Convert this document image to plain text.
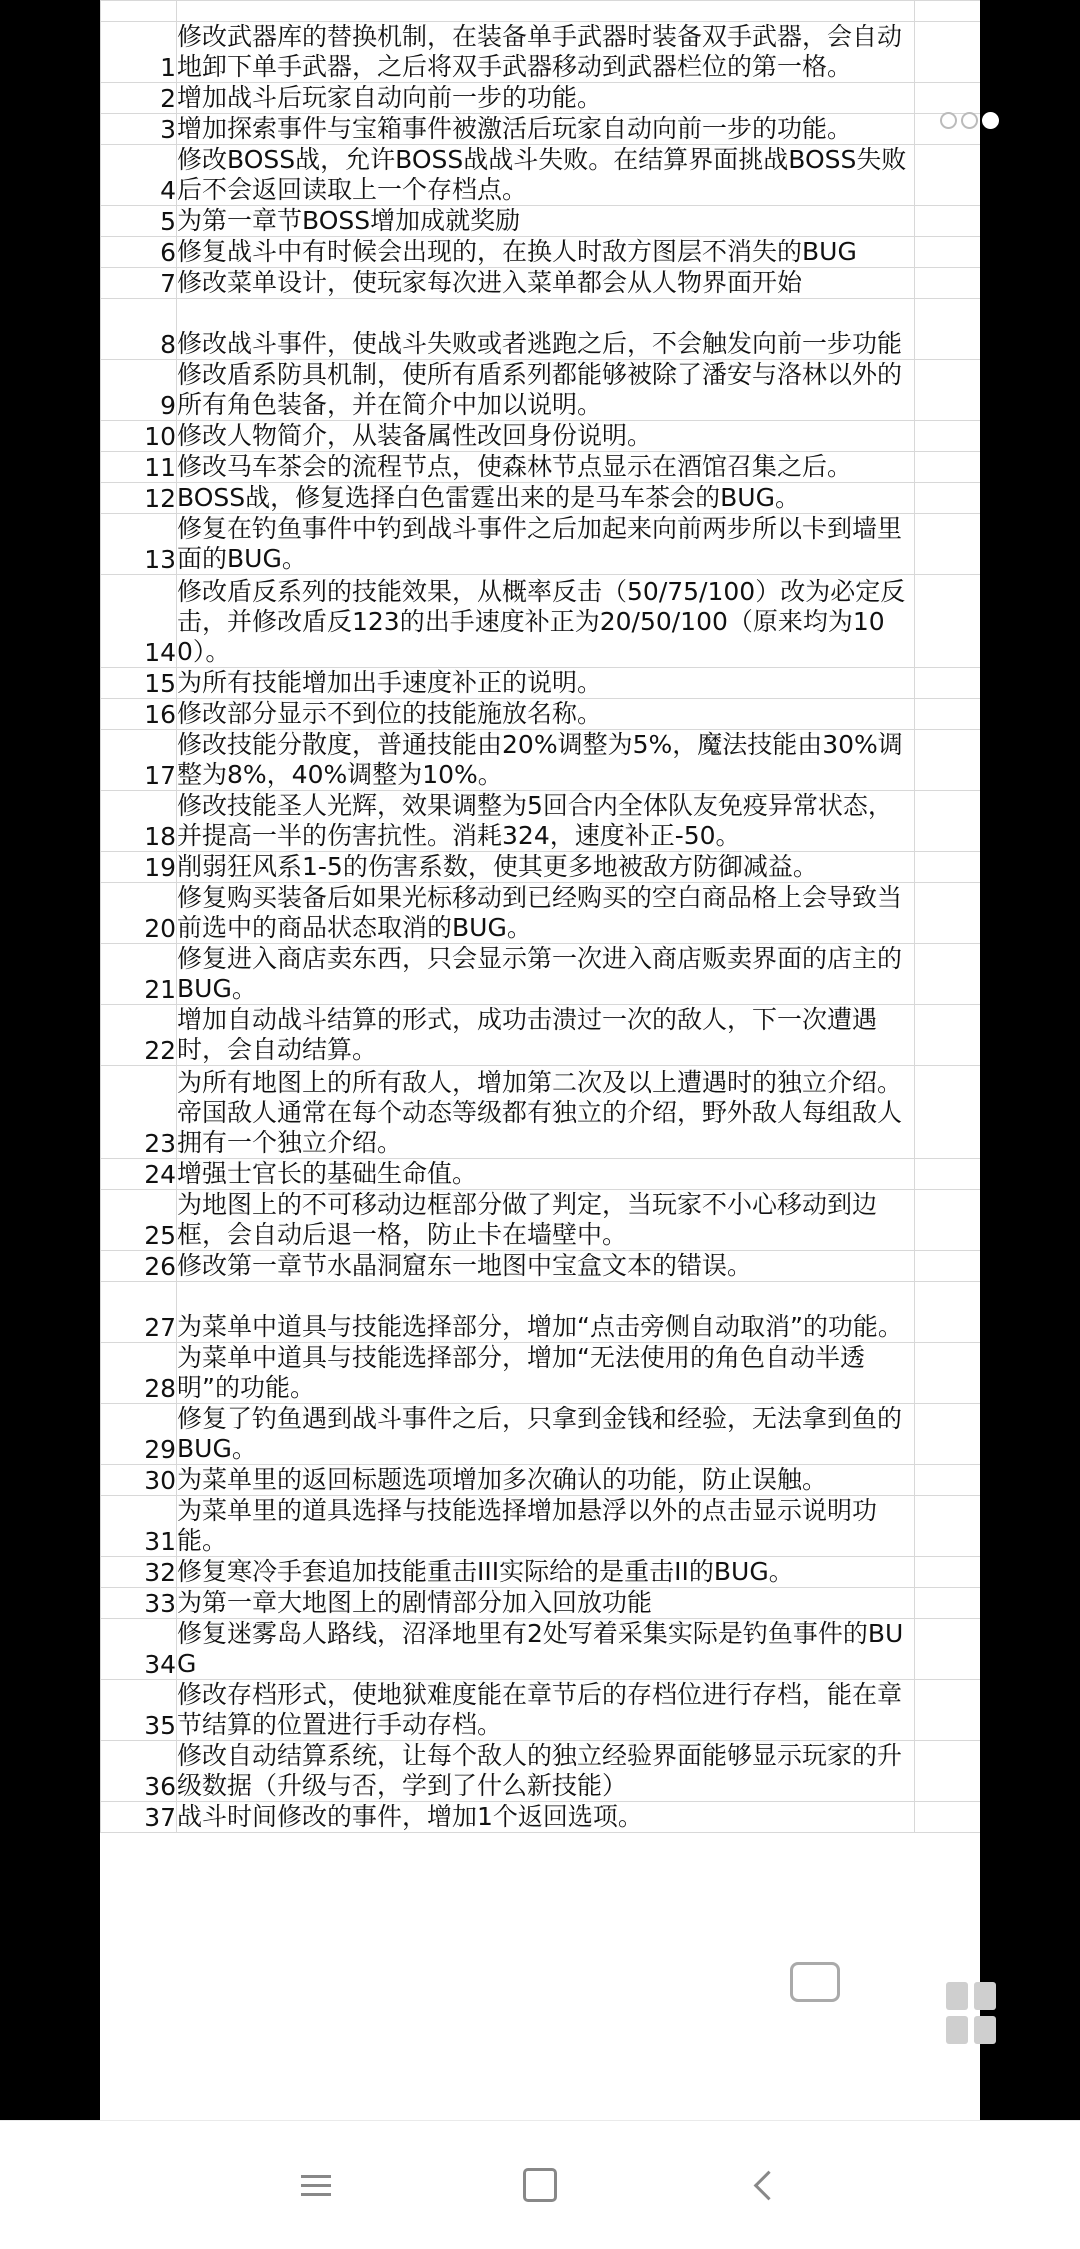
1	修改武器库的替换机制，在装备单手武器时装备双手武器，会自动地卸下单手武器，之后将双手武器移动到武器栏位的第一格。	
2	增加战斗后玩家自动向前一步的功能。	
3	增加探索事件与宝箱事件被激活后玩家自动向前一步的功能。	
4	修改BOSS战，允许BOSS战战斗失败。在结算界面挑战BOSS失败后不会返回读取上一个存档点。	
5	为第一章节BOSS增加成就奖励	
6	修复战斗中有时候会出现的，在换人时敌方图层不消失的BUG	
7	修改菜单设计，使玩家每次进入菜单都会从人物界面开始	
8	修改战斗事件，使战斗失败或者逃跑之后，不会触发向前一步功能	
9	修改盾系防具机制，使所有盾系列都能够被除了潘安与洛林以外的所有角色装备，并在简介中加以说明。	
10	修改人物简介，从装备属性改回身份说明。	
11	修改马车茶会的流程节点，使森林节点显示在酒馆召集之后。	
12	BOSS战，修复选择白色雷霆出来的是马车茶会的BUG。	
13	修复在钓鱼事件中钓到战斗事件之后加起来向前两步所以卡到墙里面的BUG。	
14	修改盾反系列的技能效果，从概率反击（50/75/100）改为必定反击，并修改盾反123的出手速度补正为20/50/100（原来均为100）。	
15	为所有技能增加出手速度补正的说明。	
16	修改部分显示不到位的技能施放名称。	
17	修改技能分散度，普通技能由20%调整为5%，魔法技能由30%调整为8%，40%调整为10%。	
18	修改技能圣人光辉，效果调整为5回合内全体队友免疫异常状态，并提高一半的伤害抗性。消耗324，速度补正-50。	
19	削弱狂风系1-5的伤害系数，使其更多地被敌方防御减益。	
20	修复购买装备后如果光标移动到已经购买的空白商品格上会导致当前选中的商品状态取消的BUG。	
21	修复进入商店卖东西，只会显示第一次进入商店贩卖界面的店主的BUG。	
22	增加自动战斗结算的形式，成功击溃过一次的敌人，下一次遭遇时，会自动结算。	
23	为所有地图上的所有敌人，增加第二次及以上遭遇时的独立介绍。帝国敌人通常在每个动态等级都有独立的介绍，野外敌人每组敌人拥有一个独立介绍。	
24	增强士官长的基础生命值。	
25	为地图上的不可移动边框部分做了判定，当玩家不小心移动到边框，会自动后退一格，防止卡在墙壁中。	
26	修改第一章节水晶洞窟东一地图中宝盒文本的错误。	
27	为菜单中道具与技能选择部分，增加“点击旁侧自动取消”的功能。	
28	为菜单中道具与技能选择部分，增加“无法使用的角色自动半透明”的功能。	
29	修复了钓鱼遇到战斗事件之后，只拿到金钱和经验，无法拿到鱼的BUG。	
30	为菜单里的返回标题选项增加多次确认的功能，防止误触。	
31	为菜单里的道具选择与技能选择增加悬浮以外的点击显示说明功能。	
32	修复寒冷手套追加技能重击III实际给的是重击II的BUG。	
33	为第一章大地图上的剧情部分加入回放功能	
34	修复迷雾岛人路线，沼泽地里有2处写着采集实际是钓鱼事件的BUG	
35	修改存档形式，使地狱难度能在章节后的存档位进行存档，能在章节结算的位置进行手动存档。	
36	修改自动结算系统，让每个敌人的独立经验界面能够显示玩家的升级数据（升级与否，学到了什么新技能）	
37	战斗时间修改的事件，增加1个返回选项。	
